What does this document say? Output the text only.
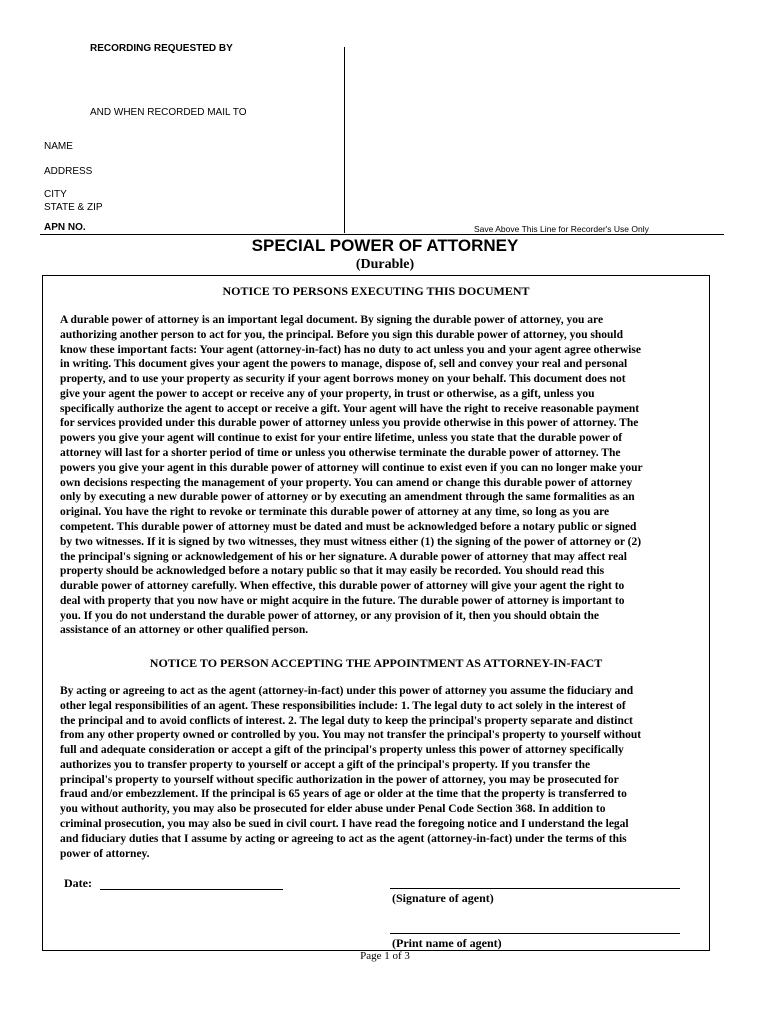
RECORDING REQUESTED BY
AND WHEN RECORDED MAIL TO
NAME
ADDRESS
CITY
STATE & ZIP
APN NO.	Save Above This Line for Recorder's Use Only
SPECIAL POWER OF ATTORNEY
(Durable)
NOTICE TO PERSONS EXECUTING THIS DOCUMENT
A durable power of attorney is an important legal document. By signing the durable power of attorney, you are
authorizing another person to act for you, the principal. Before you sign this durable power of attorney, you should
know these important facts: Your agent (attorney-in-fact) has no duty to act unless you and your agent agree otherwise
in writing. This document gives your agent the powers to manage, dispose of, sell and convey your real and personal
property, and to use your property as security if your agent borrows money on your behalf. This document does not
give your agent the power to accept or receive any of your property, in trust or otherwise, as a gift, unless you
specifically authorize the agent to accept or receive a gift. Your agent will have the right to receive reasonable payment
for services provided under this durable power of attorney unless you provide otherwise in this power of attorney. The
powers you give your agent will continue to exist for your entire lifetime, unless you state that the durable power of
attorney will last for a shorter period of time or unless you otherwise terminate the durable power of attorney. The
powers you give your agent in this durable power of attorney will continue to exist even if you can no longer make your
own decisions respecting the management of your property. You can amend or change this durable power of attorney
only by executing a new durable power of attorney or by executing an amendment through the same formalities as an
original. You have the right to revoke or terminate this durable power of attorney at any time, so long as you are
competent. This durable power of attorney must be dated and must be acknowledged before a notary public or signed
by two witnesses. If it is signed by two witnesses, they must witness either (1) the signing of the power of attorney or (2)
the principal's signing or acknowledgement of his or her signature. A durable power of attorney that may affect real
property should be acknowledged before a notary public so that it may easily be recorded. You should read this
durable power of attorney carefully. When effective, this durable power of attorney will give your agent the right to
deal with property that you now have or might acquire in the future. The durable power of attorney is important to
you. If you do not understand the durable power of attorney, or any provision of it, then you should obtain the
assistance of an attorney or other qualified person.
NOTICE TO PERSON ACCEPTING THE APPOINTMENT AS ATTORNEY-IN-FACT
By acting or agreeing to act as the agent (attorney-in-fact) under this power of attorney you assume the fiduciary and
other legal responsibilities of an agent. These responsibilities include: 1. The legal duty to act solely in the interest of
the principal and to avoid conflicts of interest. 2. The legal duty to keep the principal's property separate and distinct
from any other property owned or controlled by you. You may not transfer the principal's property to yourself without
full and adequate consideration or accept a gift of the principal's property unless this power of attorney specifically
authorizes you to transfer property to yourself or accept a gift of the principal's property. If you transfer the
principal's property to yourself without specific authorization in the power of attorney, you may be prosecuted for
fraud and/or embezzlement. If the principal is 65 years of age or older at the time that the property is transferred to
you without authority, you may also be prosecuted for elder abuse under Penal Code Section 368. In addition to
criminal prosecution, you may also be sued in civil court. I have read the foregoing notice and I understand the legal
and fiduciary duties that I assume by acting or agreeing to act as the agent (attorney-in-fact) under the terms of this
power of attorney.
Date:
(Signature of agent)
(Print name of agent)
Page 1 of 3
